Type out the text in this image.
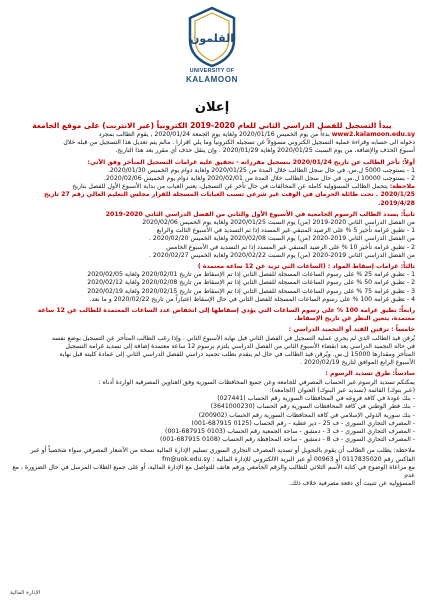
القلمون
UNIVERSITY OF
KALAMOON
إعلان

يبدأ التسجيل للفصل الدراسي الثاني للعام 2020-2019 الكترونياً (عبر الانترنت) على موقع الجامعة

www2.kalamoon.edu.sy بدءاً من يوم الخميس 2020/01/16 ولغاية يوم الجمعة 2020/01/24 , يقوم الطالب بمجرد

دخوله الى حسابه وقراءة عملية التسجيل الكتروني مسؤولاً عن تسجيله الكترونياً وما يلي اقرارا . مالم يتم تعديل هذا التسجيل من قبله خلال

أسبوع الحذف والإضافة، من يوم السبت 2020/01/25 ولغاية 2020/01/29 . وإن ينقل حذف أي مقرر بعد هذا التاريخ.

أولاً: تأخر الطالب عن تاريخ 2020/01/24 بتسجيل مقرراته - تحقيق عليه غرامات التسجيل المتأخر وفق الآتي:

1 - يستوجب 5000 ل.س. في حال سجل الطالب خلال المدة من 2020/01/25 ولغاية دوام يوم الخميس 2020/01/30.

2 - يستوجب 10000 ل.س. في حال سجل الطالب خلال المدة من 2020/02/01 ولغاية دوام يوم الخميس 2020/02/06.

ملاحظة: يتحمل الطالب المسؤولية كاملة عن المخالفات في حال تأخر عن التسجيل، يعتبر الغياب من بداية الأسبوع الأول للفصل بتاريخ

2020/1/25 . تحت طائلة الحرمان في الوقت غير شرعي تسبب الغيابات المسجلة للقرار مجلس التعليم العالي رقم 27 تاريخ 2019/4/28.

ثانياً: يسدد الطالب الرسوم الجامعية في الأسبوع الأول والثاني من الفصل الدراسي الثاني 2020-2019

من الفصل الدراسي الثاني 2020-2019 (من) يوم السبت 2020/01/25 ولغاية يوم الخميس 2020/02/06

1 - تطبق غرامة تأخير 5 % على الرصيد المتبقي غير المسدد إذا تم التسديد في الأسبوع الثالث والرابع

من الفصل الدراسي الثاني 2019-2020 (من) يوم السبت 2020/02/08 ولغاية الخميس 2020/02/20 .

2 - تطبق غرامة تأخير 10 % على الرصيد المتبقي غير المسدد إذا تم التسديد في الأسبوع الخامس

من الفصل الدراسي الثاني 2019-2020 (من) يوم السبت 2020/02/22 ولغاية الخميس 2020/02/27 .

ثالثاً: غرامات إسقاط المواد : (الساعات التي تزيد عن 12 ساعة معتمدة )

1 - تطبق غرامة 25 % على رسوم الساعات المسجلة للفصل الثاني إذا تم الإسقاط من تاريخ 2020/02/01 ولغاية 2020/02/05

2 - تطبق غرامة 50 % على رسوم الساعات المسجلة للفصل الثاني إذا تم الإسقاط من تاريخ 2020/02/08 ولغاية 2020/02/12

3 - تطبق غرامة 75 % على رسوم الساعات المسجلة للفصل الثاني إذا تم الإسقاط من تاريخ 2020/02/15 ولغاية 2020/02/19

4 - تطبق غرامة 100 % على رسوم الساعات المسجلة للفصل الثاني في حال الإسقاط اعتباراً من تاريخ 2020/02/22 و ما بعد.

رابعاً: تطبق غرامة 100 % على رسوم الساعات التي يؤدي إسقاطها إلى انخفاض عدد الساعات المعتمدة للطالب عن 12 ساعة

معتمدة، يتعين النظر عن تاريخ الإسقاط.

خامساً : ترقين القيد أو التجميد الدراسي :

يُرقن قيد الطالب الذي لم يجري عملية التسجيل في الفصل الثاني قبل نهاية الأسبوع الثاني . وإذا رغب الطالب المتأخر عن التسجيل بوضع نفسه

في حالة التجميد الدراسي بعد انقضاء الأسبوع الثاني من الفصل الدراسي يلتزم برسوم 12 ساعة معتمدة إضافة إلى تسديد غرامة التسجيل

المتأخر ومقدارها 15000 ل.س. ويُرقن قيد الطالب في حال لم ينقدم بطلب تجميد دراسي للفصل الدراسي الثاني إلى عمادة كليته قبل نهاية

الأسبوع الرابع الموافق لتاريخ 2020/02/19 .

سادساً: طرق تسديد الرسوم :

يمكنكم تسديد الرسوم عبر الحساب المصرفي للجامعة وعن جميع المحافظات السورية وفق العناوين المصرفية الواردة أدناه :

(عبر بنوك) القائمة (تسديد عبر البنوك) العنوان (الجامعة):

- بنك عودة في كافة فروعه في المحافظات السورية رقم الحساب (027441)

- بنك قطر الوطني في كافة المحافظات السورية رقم الحساب (3641000230)

- بنك سورية الدولي الإسلامي في كافة المحافظات السورية رقم الحساب (200902)

- المصرف التجاري السوري - ف 25 - دير عطية - رقم الحساب (0125 687915-001)

- المصرف التجاري السوري - ف 3 - دمشق - ساحة الجمعية رقم الحساب (0103 687915-001)

- المصرف التجاري السوري - ف 8 - دمشق - ساحة المحافظة رقم الحساب (0108 687915-001)

ملاحظة: يطلب من الطالب أن يقوم بالتحويل أو تسديد المصرف التجاري السوري تسليم الإدارة المالية نسخة من الأشعار المصرفي سواء شخصياً أو عبر

الفاكس رقم 0117835020 أو 00963 أو عبر البريد الالكتروني للإدارة المالية : fm@uok.edu.sy

مع مراعاة الوضوح في كتابة الأسم الثلاثي للطالب والرقم الجامعي ورقم هاتف للتواصل مع الإدارة المالية، أو على جميع الطلاب المرسل في حال الضرورة ، مع عدم

المسؤولية عن تثبيت أي دفعة مصرفية خلاف ذلك.

الإدارة المالية
